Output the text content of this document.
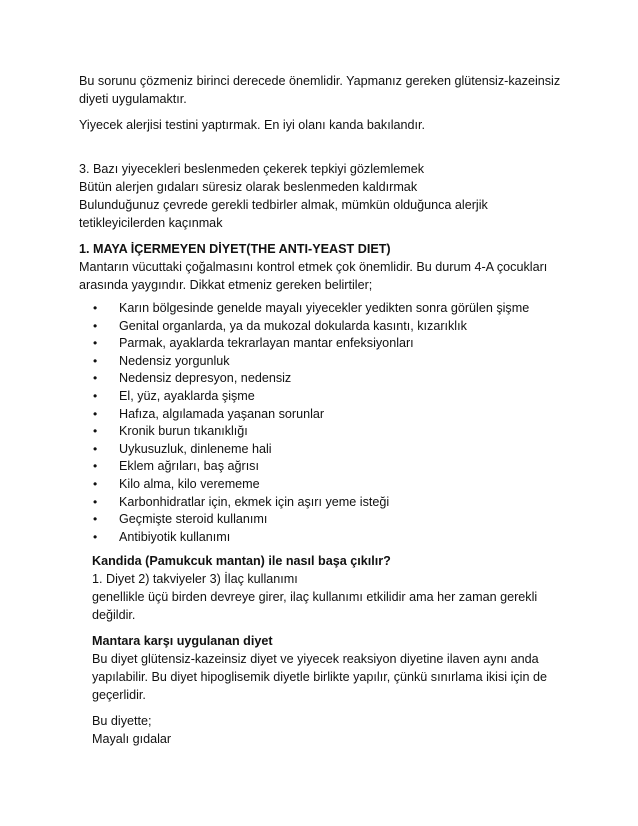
Bu sorunu çözmeniz birinci derecede önemlidir. Yapmanız gereken glütensiz-kazeinsiz

diyeti uygulamaktır.

Yiyecek alerjisi testini yaptırmak. En iyi olanı kanda bakılandır.

3. Bazı yiyecekleri beslenmeden çekerek tepkiyi gözlemlemek

Bütün alerjen gıdaları süresiz olarak beslenmeden kaldırmak

Bulunduğunuz çevrede gerekli tedbirler almak, mümkün olduğunca alerjik

tetikleyicilerden kaçınmak

1. MAYA İÇERMEYEN DİYET(THE ANTI-YEAST DIET)

Mantarın vücuttaki çoğalmasını kontrol etmek çok önemlidir. Bu durum 4-A çocukları

arasında yaygındır. Dikkat etmeniz gereken belirtiler;

• Karın bölgesinde genelde mayalı yiyecekler yedikten sonra görülen şişme
• Genital organlarda, ya da mukozal dokularda kasıntı, kızarıklık
• Parmak, ayaklarda tekrarlayan mantar enfeksiyonları
• Nedensiz yorgunluk
• Nedensiz depresyon, nedensiz
• El, yüz, ayaklarda şişme
• Hafıza, algılamada yaşanan sorunlar
• Kronik burun tıkanıklığı
• Uykusuzluk, dinleneme hali
• Eklem ağrıları, baş ağrısı
• Kilo alma, kilo verememe
• Karbonhidratlar için, ekmek için aşırı yeme isteği
• Geçmişte steroid kullanımı
• Antibiyotik kullanımı

Kandida (Pamukcuk mantan) ile nasıl başa çıkılır?

1. Diyet 2) takviyeler 3) İlaç kullanımı

genellikle üçü birden devreye girer, ilaç kullanımı etkilidir ama her zaman gerekli

değildir.

Mantara karşı uygulanan diyet

Bu diyet glütensiz-kazeinsiz diyet ve yiyecek reaksiyon diyetine ilaven aynı anda

yapılabilir. Bu diyet hipoglisemik diyetle birlikte yapılır, çünkü sınırlama ikisi için de

geçerlidir.

Bu diyette;

Mayalı gıdalar
